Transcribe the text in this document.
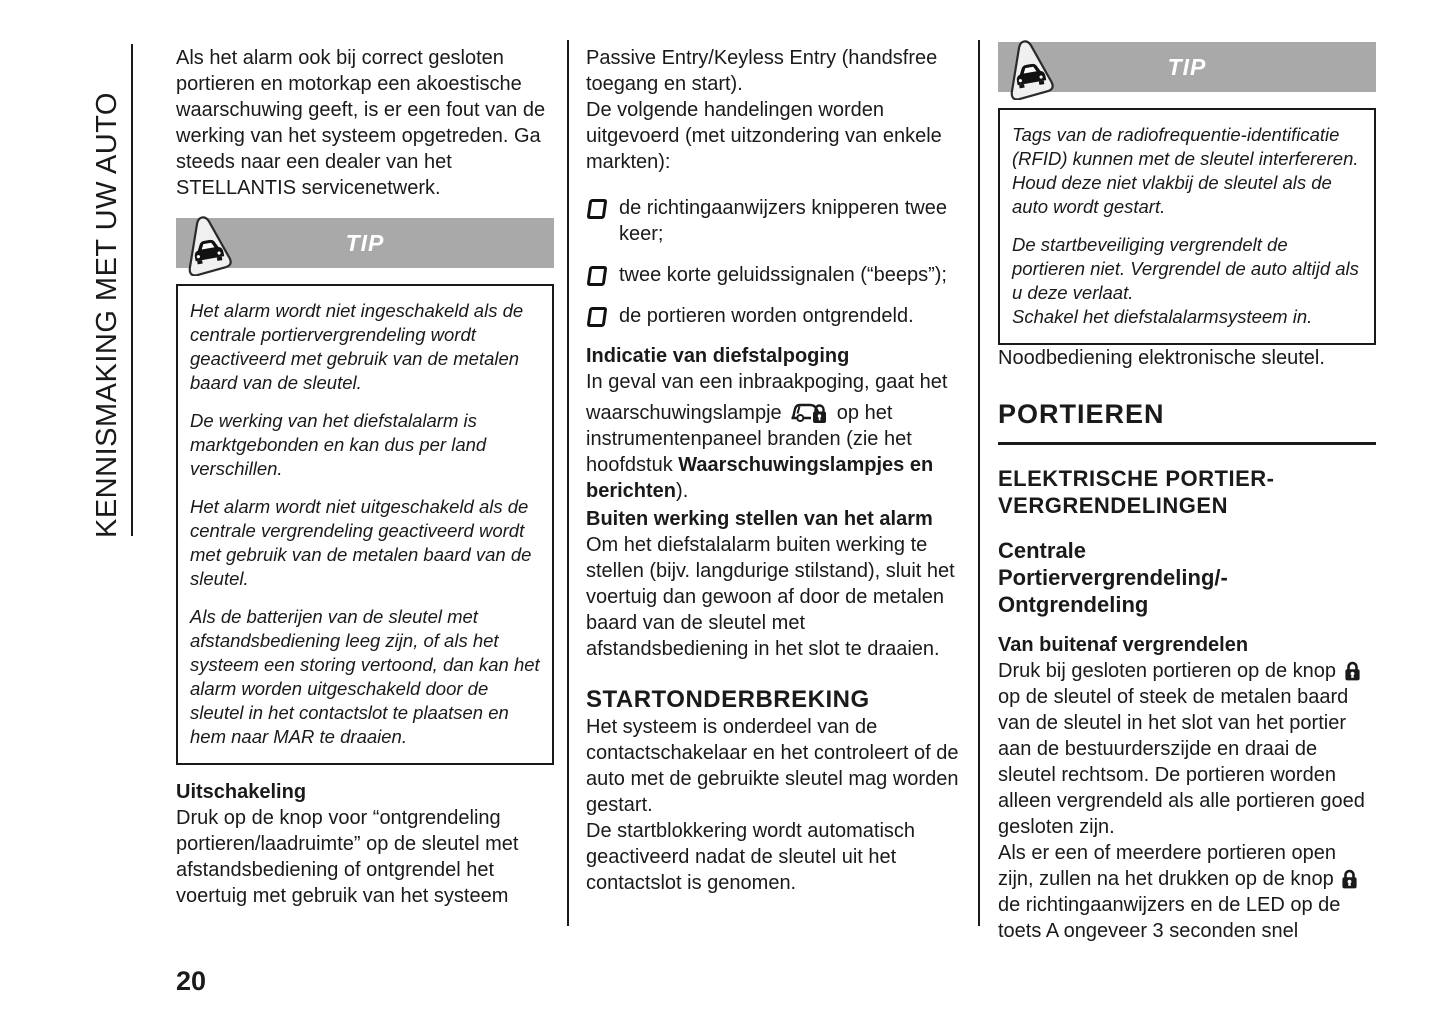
KENNISMAKING MET UW AUTO

Als het alarm ook bij correct gesloten portieren en motorkap een akoestische waarschuwing geeft, is er een fout van de werking van het systeem opgetreden. Ga steeds naar een dealer van het STELLANTIS servicenetwerk.

TIP

Het alarm wordt niet ingeschakeld als de centrale portiervergrendeling wordt geactiveerd met gebruik van de metalen baard van de sleutel.

De werking van het diefstalalarm is marktgebonden en kan dus per land verschillen.

Het alarm wordt niet uitgeschakeld als de centrale vergrendeling geactiveerd wordt met gebruik van de metalen baard van de sleutel.

Als de batterijen van de sleutel met afstandsbediening leeg zijn, of als het systeem een storing vertoond, dan kan het alarm worden uitgeschakeld door de sleutel in het contactslot te plaatsen en hem naar MAR te draaien.

Uitschakeling

Druk op de knop voor “ontgrendeling portieren/laadruimte” op de sleutel met afstandsbediening of ontgrendel het voertuig met gebruik van het systeem

Passive Entry/Keyless Entry (handsfree toegang en start).

De volgende handelingen worden uitgevoerd (met uitzondering van enkele markten):

de richtingaanwijzers knipperen twee keer;
twee korte geluidssignalen (“beeps”);
de portieren worden ontgrendeld.
Indicatie van diefstalpoging

In geval van een inbraakpoging, gaat het waarschuwingslampje	op het instrumentenpaneel branden (zie het hoofdstuk Waarschuwingslampjes en berichten).

Buiten werking stellen van het alarm

Om het diefstalalarm buiten werking te stellen (bijv. langdurige stilstand), sluit het voertuig dan gewoon af door de metalen baard van de sleutel met afstandsbediening in het slot te draaien.

STARTONDERBREKING

Het systeem is onderdeel van de contactschakelaar en het controleert of de auto met de gebruikte sleutel mag worden gestart.

De startblokkering wordt automatisch geactiveerd nadat de sleutel uit het contactslot is genomen.

TIP

Tags van de radiofrequentie-identificatie (RFID) kunnen met de sleutel interfereren. Houd deze niet vlakbij de sleutel als de auto wordt gestart.

De startbeveiliging vergrendelt de portieren niet. Vergrendel de auto altijd als u deze verlaat.

Schakel het diefstalalarmsysteem in.

Noodbediening elektronische sleutel.

PORTIEREN
ELEKTRISCHE PORTIER-VERGRENDELINGEN
Centrale
Portiervergrendeling/-
Ontgrendeling
Van buitenaf vergrendelen

Druk bij gesloten portieren op de knop  op de sleutel of steek de metalen baard van de sleutel in het slot van het portier aan de bestuurderszijde en draai de sleutel rechtsom. De portieren worden alleen vergrendeld als alle portieren goed gesloten zijn.

Als er een of meerdere portieren open zijn, zullen na het drukken op de knop  de richtingaanwijzers en de LED op de toets A ongeveer 3 seconden snel

20
